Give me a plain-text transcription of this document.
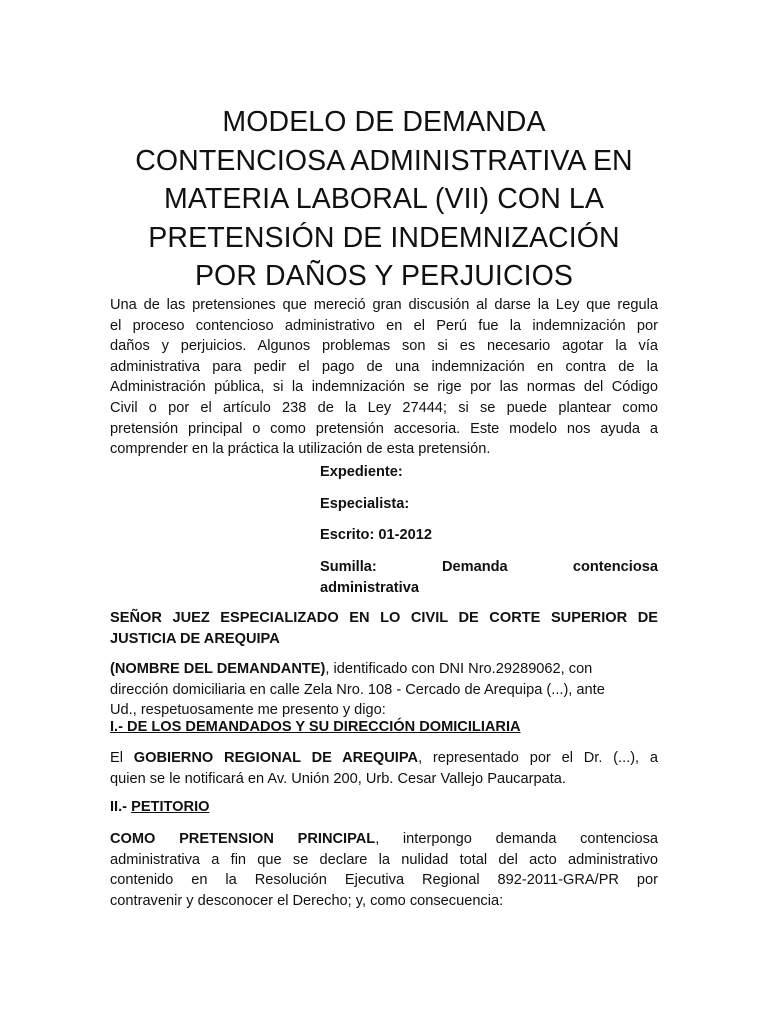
MODELO DE DEMANDA
CONTENCIOSA ADMINISTRATIVA EN
MATERIA LABORAL (VII) CON LA
PRETENSIÓN DE INDEMNIZACIÓN
POR DAÑOS Y PERJUICIOS

Una de las pretensiones que mereció gran discusión al darse la Ley que regula
el proceso contencioso administrativo en el Perú fue la indemnización por
daños y perjuicios. Algunos problemas son si es necesario agotar la vía
administrativa para pedir el pago de una indemnización en contra de la
Administración pública, si la indemnización se rige por las normas del Código
Civil o por el artículo 238 de la Ley 27444; si se puede plantear como
pretensión principal o como pretensión accesoria. Este modelo nos ayuda a
comprender en la práctica la utilización de esta pretensión.

Expediente:

Especialista:

Escrito: 01-2012

Sumilla:	Demanda	contenciosa
administrativa

SEÑOR JUEZ ESPECIALIZADO EN LO CIVIL DE CORTE SUPERIOR DE
JUSTICIA DE AREQUIPA

(NOMBRE DEL DEMANDANTE), identificado con DNI Nro.29289062, con
dirección domiciliaria en calle Zela Nro. 108 - Cercado de Arequipa (...), ante
Ud., respetuosamente me presento y digo:

I.- DE LOS DEMANDADOS Y SU DIRECCIÓN DOMICILIARIA

El GOBIERNO REGIONAL DE AREQUIPA, representado por el Dr. (...), a
quien se le notificará en Av. Unión 200, Urb. Cesar Vallejo Paucarpata.

II.- PETITORIO

COMO PRETENSION PRINCIPAL, interpongo demanda contenciosa
administrativa a fin que se declare la nulidad total del acto administrativo
contenido en la Resolución Ejecutiva Regional 892-2011-GRA/PR por
contravenir y desconocer el Derecho; y, como consecuencia:
